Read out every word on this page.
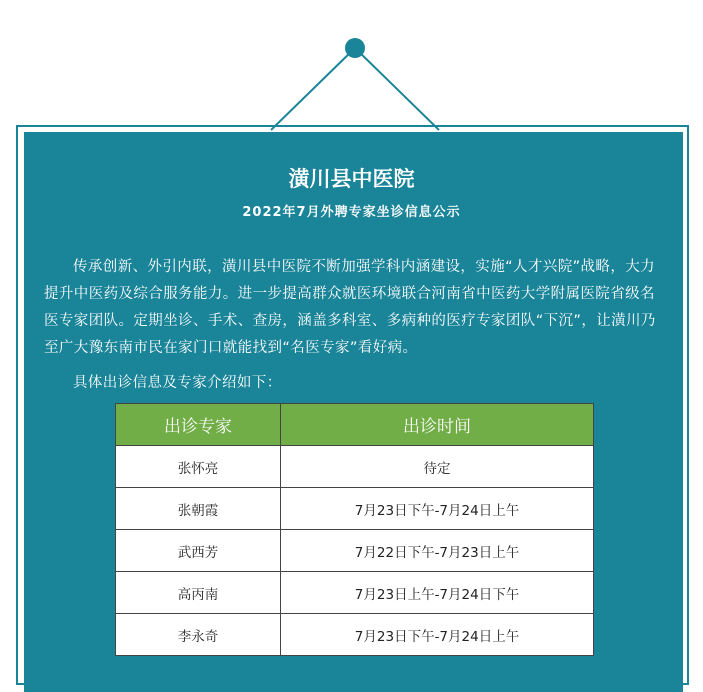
潢川县中医院
2022年7月外聘专家坐诊信息公示

传承创新、外引内联，潢川县中医院不断加强学科内涵建设，实施“人才兴院”战略，大力提升中医药及综合服务能力。进一步提高群众就医环境联合河南省中医药大学附属医院省级名医专家团队。定期坐诊、手术、查房，涵盖多科室、多病种的医疗专家团队“下沉”，让潢川乃至广大豫东南市民在家门口就能找到“名医专家”看好病。

具体出诊信息及专家介绍如下：

出诊专家	出诊时间
张怀亮	待定
张朝霞	7月23日下午-7月24日上午
武西芳	7月22日下午-7月23日上午
高丙南	7月23日上午-7月24日下午
李永奇	7月23日下午-7月24日上午
